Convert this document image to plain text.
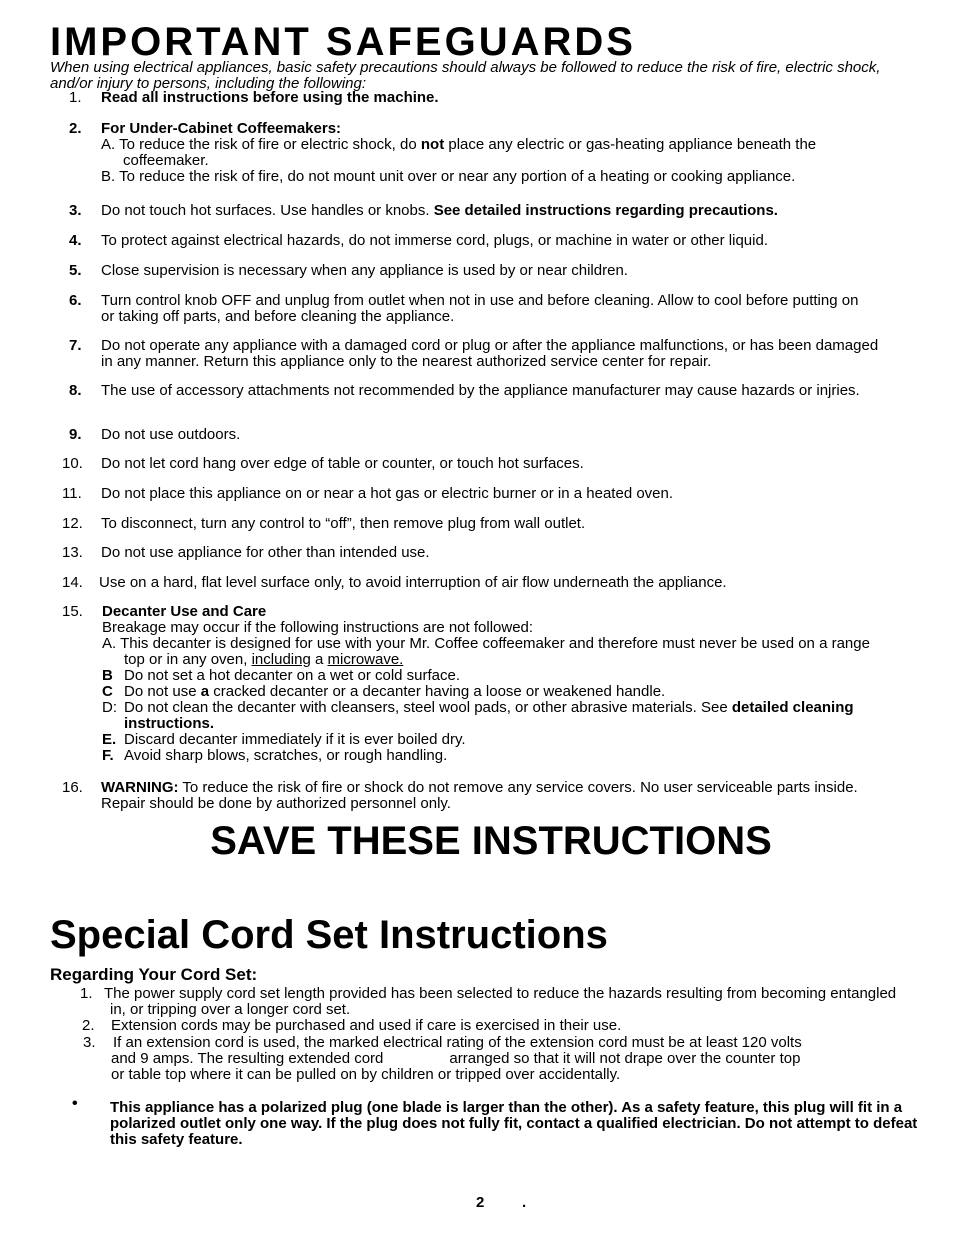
IMPORTANT SAFEGUARDS

When using electrical appliances, basic safety precautions should always be followed to reduce the risk of fire, electric shock, and/or injury to persons, including the following:

1.	Read all instructions before using the machine.
2.	For Under-Cabinet Coffeemakers:
A. To reduce the risk of fire or electric shock, do not place any electric or gas-heating appliance beneath the coffeemaker.
B. To reduce the risk of fire, do not mount unit over or near any portion of a heating or cooking appliance.
3.	Do not touch hot surfaces. Use handles or knobs. See detailed instructions regarding precautions.
4.	To protect against electrical hazards, do not immerse cord, plugs, or machine in water or other liquid.
5.	Close supervision is necessary when any appliance is used by or near children.
6.	Turn control knob OFF and unplug from outlet when not in use and before cleaning. Allow to cool before putting on or taking off parts, and before cleaning the appliance.
7.	Do not operate any appliance with a damaged cord or plug or after the appliance malfunctions, or has been damaged in any manner. Return this appliance only to the nearest authorized service center for repair.
8.	The use of accessory attachments not recommended by the appliance manufacturer may cause hazards or injries.
9.	Do not use outdoors.
10.	Do not let cord hang over edge of table or counter, or touch hot surfaces.
11.	Do not place this appliance on or near a hot gas or electric burner or in a heated oven.
12.	To disconnect, turn any control to “off”, then remove plug from wall outlet.
13.	Do not use appliance for other than intended use.
14.	Use on a hard, flat level surface only, to avoid interruption of air flow underneath the appliance.
15.	Decanter Use and Care
Breakage may occur if the following instructions are not followed:
A. This decanter is designed for use with your Mr. Coffee coffeemaker and therefore must never be used on a range top or in any oven, including a microwave.
B Do not set a hot decanter on a wet or cold surface.
C Do not use a cracked decanter or a decanter having a loose or weakened handle.
D: Do not clean the decanter with cleansers, steel wool pads, or other abrasive materials. See detailed cleaning instructions.
E. Discard decanter immediately if it is ever boiled dry.
F. Avoid sharp blows, scratches, or rough handling.
16.	WARNING: To reduce the risk of fire or shock do not remove any service covers. No user serviceable parts inside. Repair should be done by authorized personnel only.
SAVE THESE INSTRUCTIONS
Special Cord Set Instructions
Regarding Your Cord Set:
1. The power supply cord set length provided has been selected to reduce the hazards resulting from becoming entangled in, or tripping over a longer cord set.
2.	Extension cords may be purchased and used if care is exercised in their use.
3.	If an extension cord is used, the marked electrical rating of the extension cord must be at least 120 volts
and 9 amps. The resulting extended cord	arranged so that it will not drape over the counter top
or table top where it can be pulled on by children or tripped over accidentally.
• This appliance has a polarized plug (one blade is larger than the other). As a safety feature, this plug will fit in a polarized outlet only one way. If the plug does not fully fit, contact a qualified electrician. Do not attempt to defeat this safety feature.
2	.
